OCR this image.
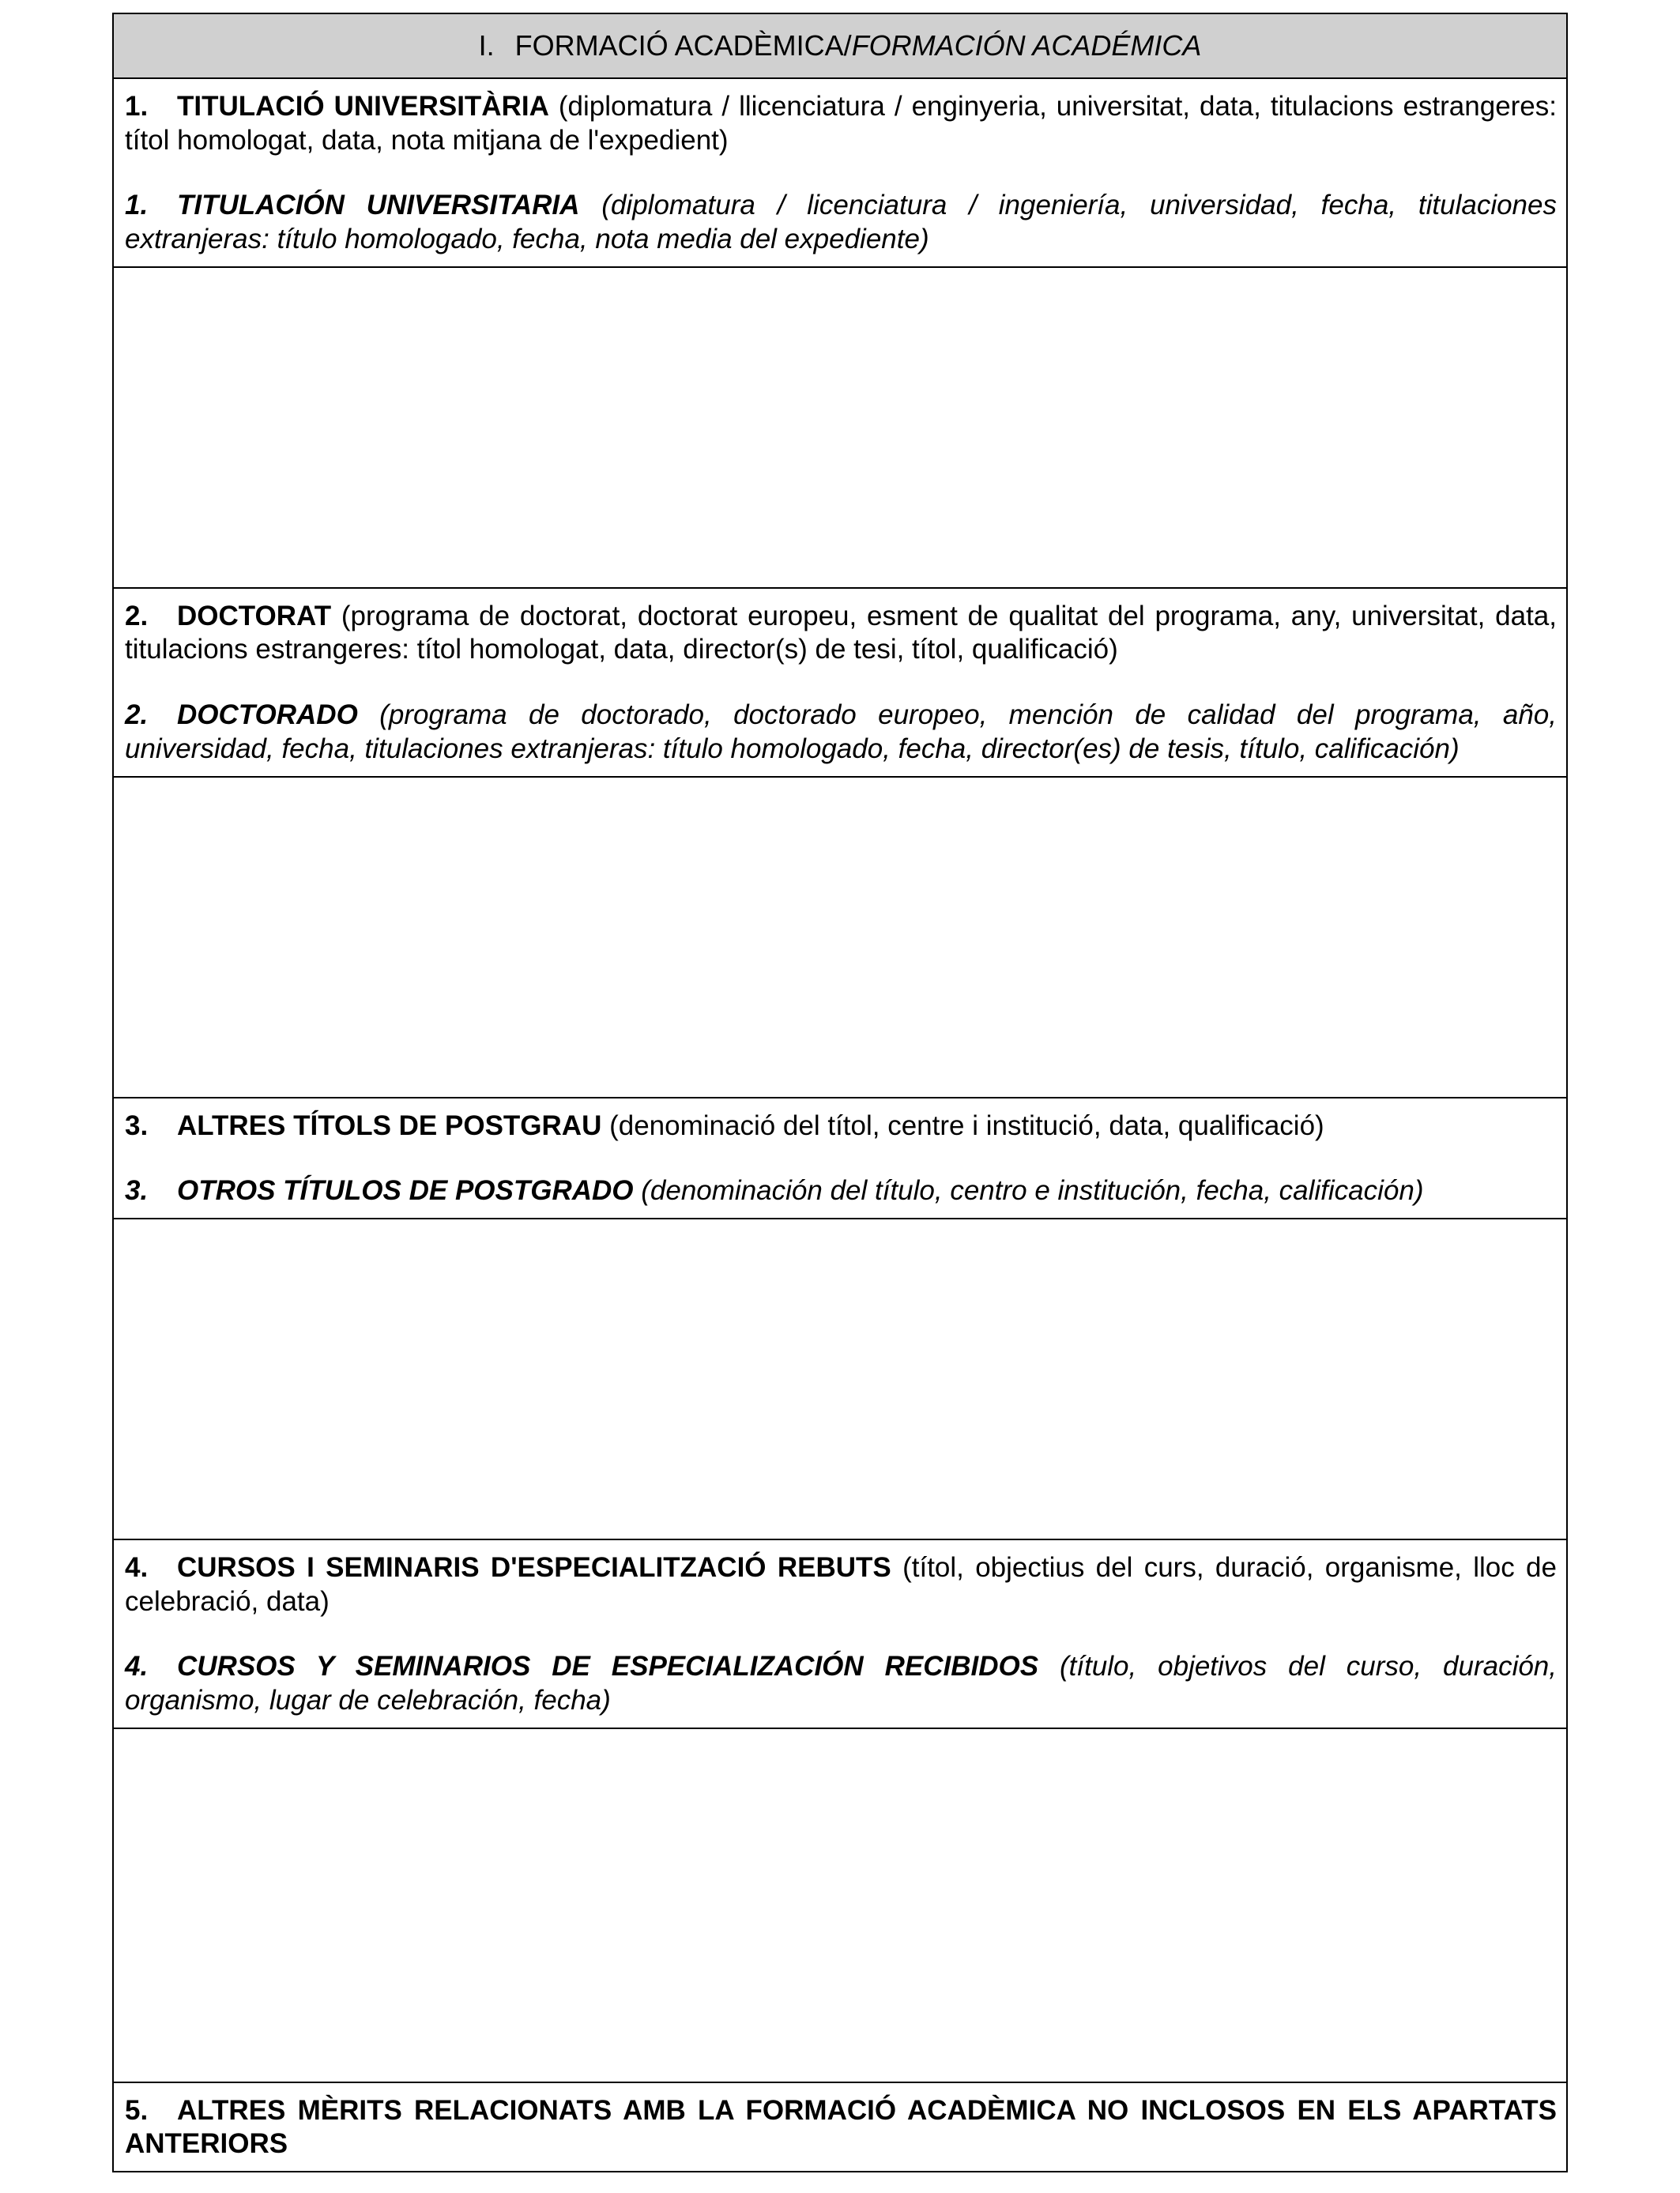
I. FORMACIÓ ACADÈMICA/FORMACIÓN ACADÉMICA

1. TITULACIÓ UNIVERSITÀRIA (diplomatura / llicenciatura / enginyeria, universitat, data, titulacions estrangeres: títol homologat, data, nota mitjana de l'expedient)

1. TITULACIÓN UNIVERSITARIA (diplomatura / licenciatura / ingeniería, universidad, fecha, titulaciones extranjeras: título homologado, fecha, nota media del expediente)

2. DOCTORAT (programa de doctorat, doctorat europeu, esment de qualitat del programa, any, universitat, data, titulacions estrangeres: títol homologat, data, director(s) de tesi, títol, qualificació)

2. DOCTORADO (programa de doctorado, doctorado europeo, mención de calidad del programa, año, universidad, fecha, titulaciones extranjeras: título homologado, fecha, director(es) de tesis, título, calificación)

3. ALTRES TÍTOLS DE POSTGRAU (denominació del títol, centre i institució, data, qualificació)

3. OTROS TÍTULOS DE POSTGRADO (denominación del título, centro e institución, fecha, calificación)

4. CURSOS I SEMINARIS D'ESPECIALITZACIÓ REBUTS (títol, objectius del curs, duració, organisme, lloc de celebració, data)

4. CURSOS Y SEMINARIOS DE ESPECIALIZACIÓN RECIBIDOS (título, objetivos del curso, duración, organismo, lugar de celebración, fecha)

5. ALTRES MÈRITS RELACIONATS AMB LA FORMACIÓ ACADÈMICA NO INCLOSOS EN ELS APARTATS ANTERIORS
